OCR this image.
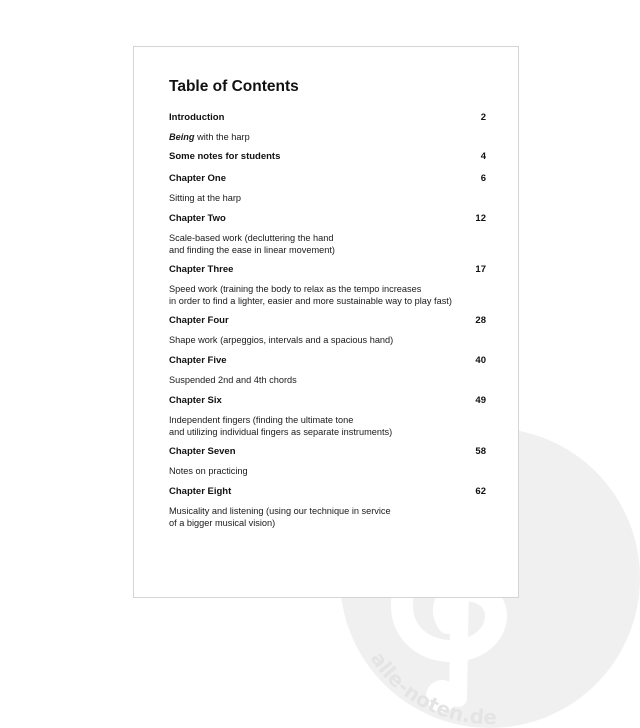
alle-noten.de
Table of Contents
Introduction	2
Being with the harp
Some notes for students	4
Chapter One	6
Sitting at the harp
Chapter Two	12
Scale-based work (decluttering the hand
and finding the ease in linear movement)
Chapter Three	17
Speed work (training the body to relax as the tempo increases
in order to find a lighter, easier and more sustainable way to play fast)
Chapter Four	28
Shape work (arpeggios, intervals and a spacious hand)
Chapter Five	40
Suspended 2nd and 4th chords
Chapter Six	49
Independent fingers (finding the ultimate tone
and utilizing individual fingers as separate instruments)
Chapter Seven	58
Notes on practicing
Chapter Eight	62
Musicality and listening (using our technique in service
of a bigger musical vision)
